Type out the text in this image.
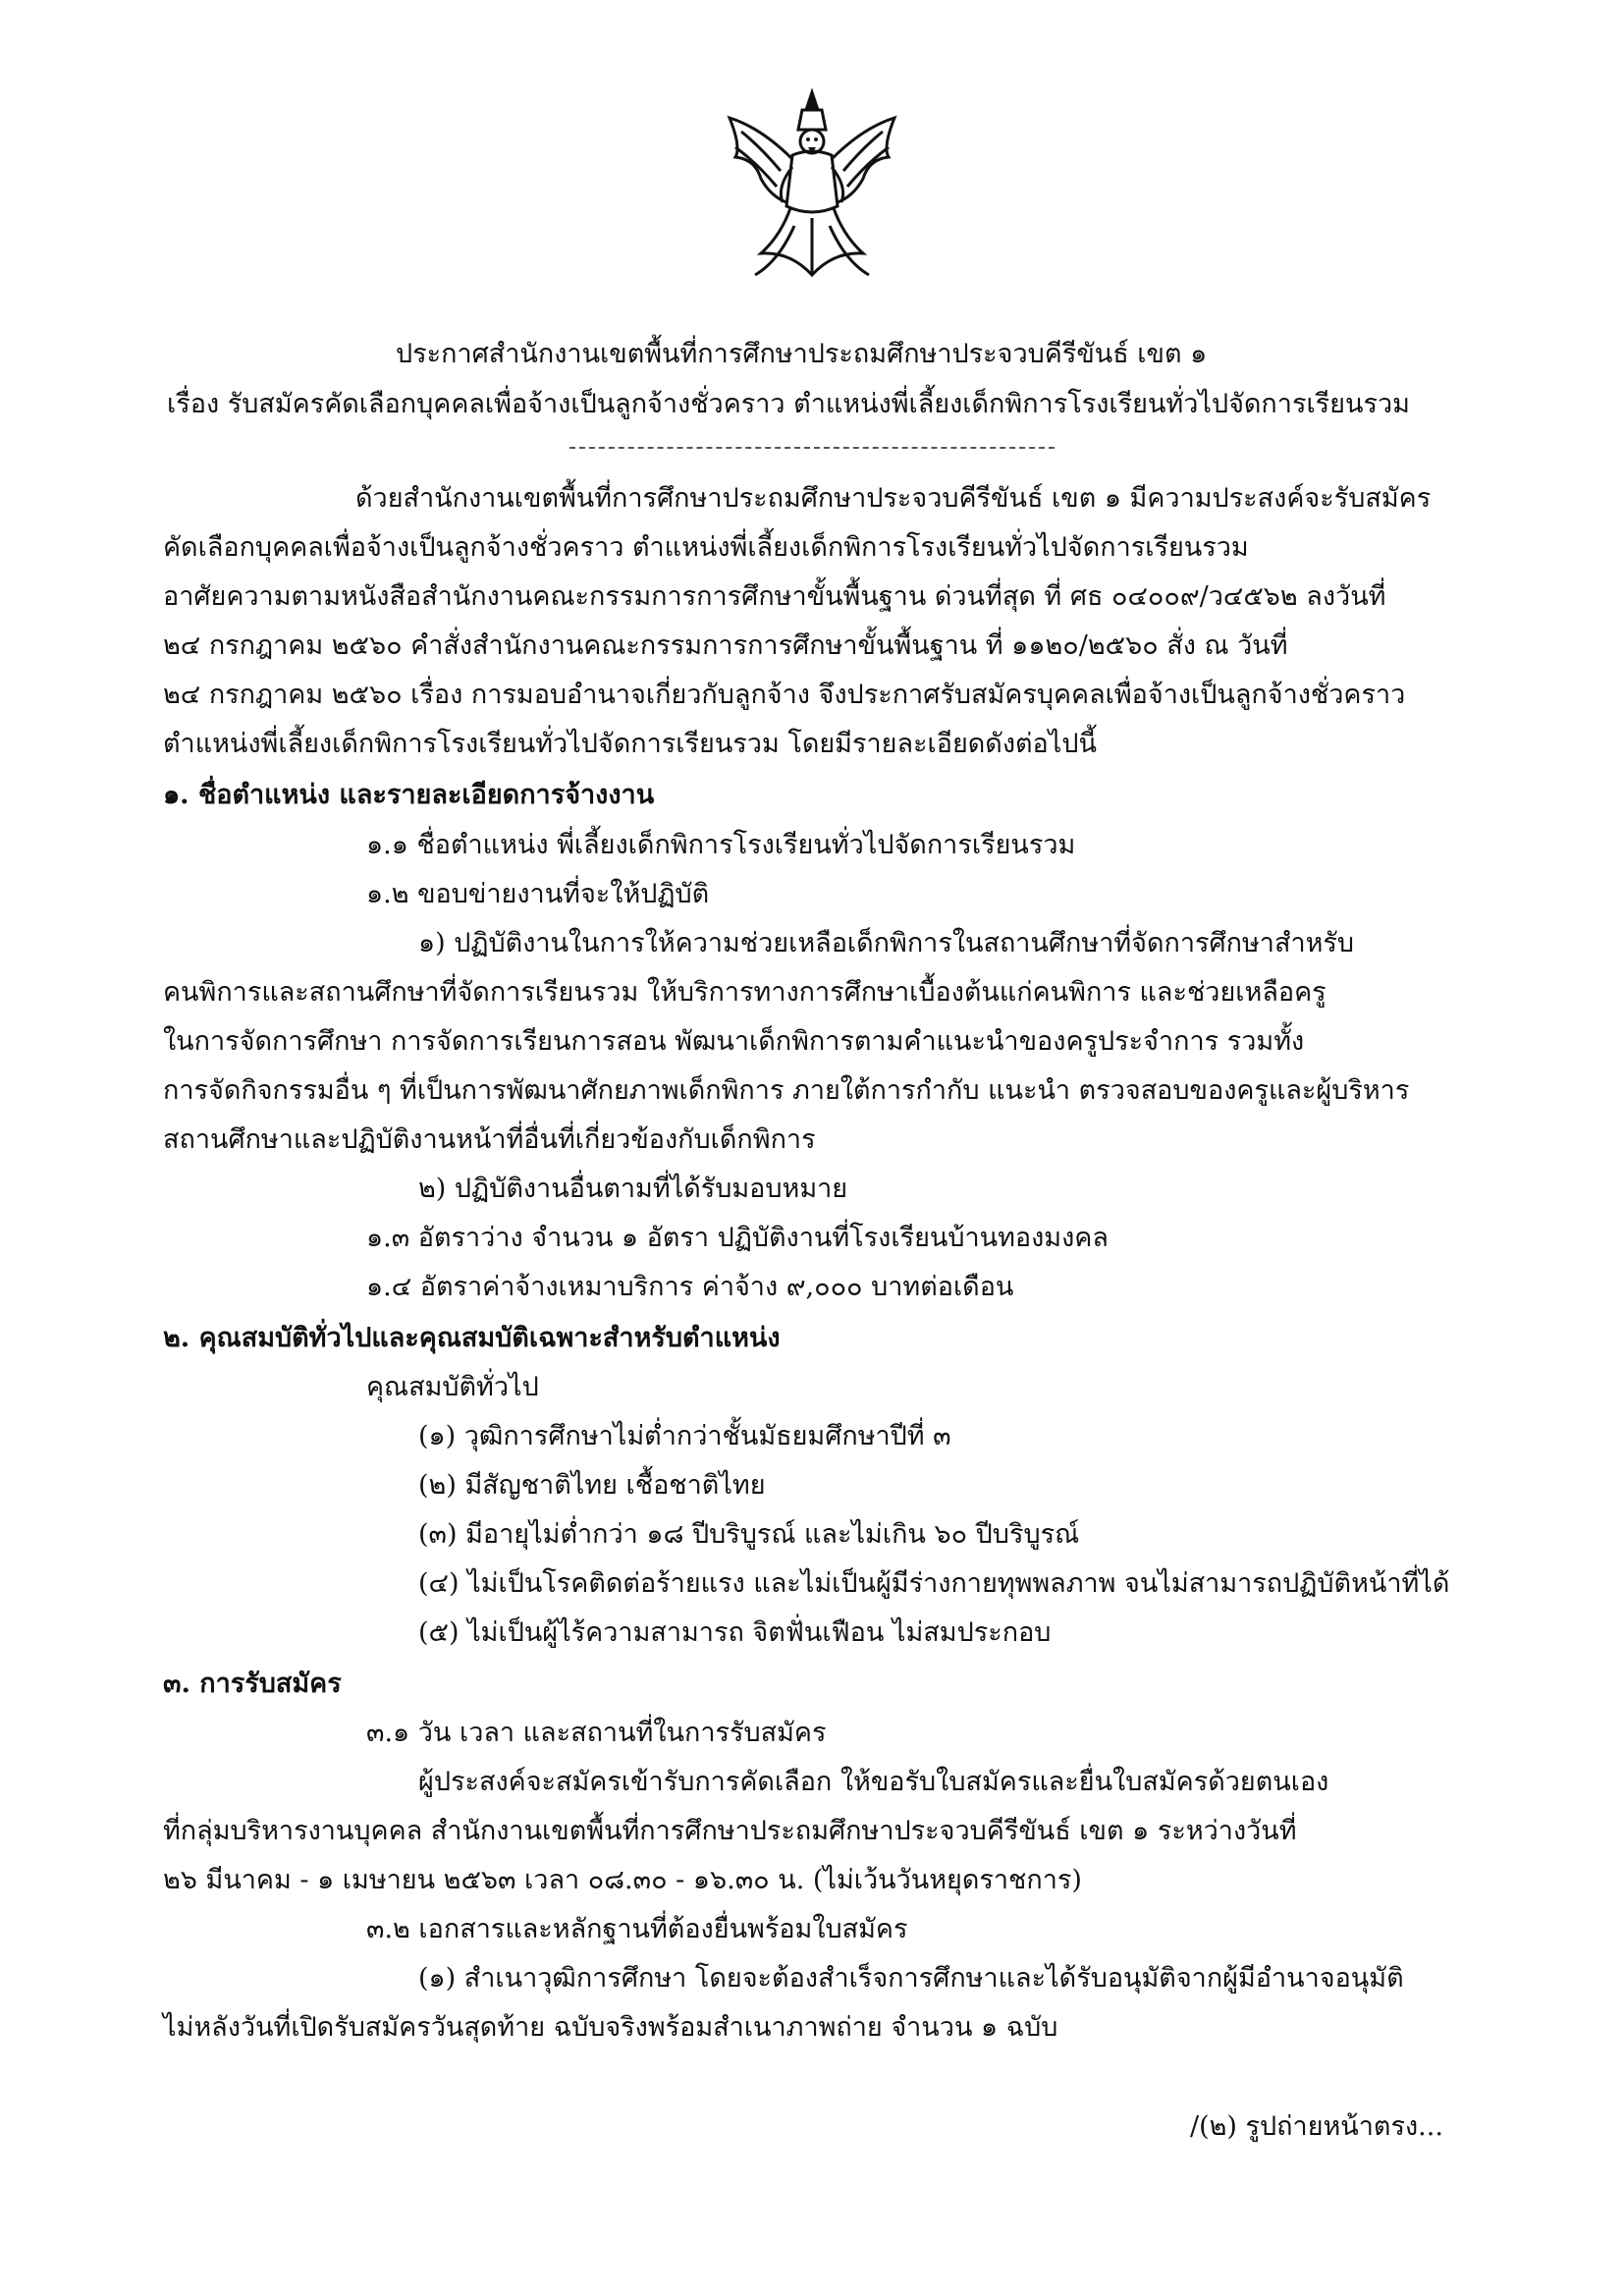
ประกาศสำนักงานเขตพื้นที่การศึกษาประถมศึกษาประจวบคีรีขันธ์ เขต ๑

เรื่อง รับสมัครคัดเลือกบุคคลเพื่อจ้างเป็นลูกจ้างชั่วคราว ตำแหน่งพี่เลี้ยงเด็กพิการโรงเรียนทั่วไปจัดการเรียนรวม

ด้วยสำนักงานเขตพื้นที่การศึกษาประถมศึกษาประจวบคีรีขันธ์ เขต ๑ มีความประสงค์จะรับสมัคร

คัดเลือกบุคคลเพื่อจ้างเป็นลูกจ้างชั่วคราว ตำแหน่งพี่เลี้ยงเด็กพิการโรงเรียนทั่วไปจัดการเรียนรวม

อาศัยความตามหนังสือสำนักงานคณะกรรมการการศึกษาขั้นพื้นฐาน ด่วนที่สุด ที่ ศธ ๐๔๐๐๙/ว๔๕๖๒ ลงวันที่

๒๔ กรกฎาคม ๒๕๖๐ คำสั่งสำนักงานคณะกรรมการการศึกษาขั้นพื้นฐาน ที่ ๑๑๒๐/๒๕๖๐ สั่ง ณ วันที่

๒๔ กรกฎาคม ๒๕๖๐ เรื่อง การมอบอำนาจเกี่ยวกับลูกจ้าง จึงประกาศรับสมัครบุคคลเพื่อจ้างเป็นลูกจ้างชั่วคราว

ตำแหน่งพี่เลี้ยงเด็กพิการโรงเรียนทั่วไปจัดการเรียนรวม โดยมีรายละเอียดดังต่อไปนี้

๑. ชื่อตำแหน่ง และรายละเอียดการจ้างงาน

๑.๑ ชื่อตำแหน่ง พี่เลี้ยงเด็กพิการโรงเรียนทั่วไปจัดการเรียนรวม

๑.๒ ขอบข่ายงานที่จะให้ปฏิบัติ

๑) ปฏิบัติงานในการให้ความช่วยเหลือเด็กพิการในสถานศึกษาที่จัดการศึกษาสำหรับ

คนพิการและสถานศึกษาที่จัดการเรียนรวม ให้บริการทางการศึกษาเบื้องต้นแก่คนพิการ และช่วยเหลือครู

ในการจัดการศึกษา การจัดการเรียนการสอน พัฒนาเด็กพิการตามคำแนะนำของครูประจำการ รวมทั้ง

การจัดกิจกรรมอื่น ๆ ที่เป็นการพัฒนาศักยภาพเด็กพิการ ภายใต้การกำกับ แนะนำ ตรวจสอบของครูและผู้บริหาร

สถานศึกษาและปฏิบัติงานหน้าที่อื่นที่เกี่ยวข้องกับเด็กพิการ

๒) ปฏิบัติงานอื่นตามที่ได้รับมอบหมาย

๑.๓ อัตราว่าง จำนวน ๑ อัตรา ปฏิบัติงานที่โรงเรียนบ้านทองมงคล

๑.๔ อัตราค่าจ้างเหมาบริการ ค่าจ้าง ๙,๐๐๐ บาทต่อเดือน

๒. คุณสมบัติทั่วไปและคุณสมบัติเฉพาะสำหรับตำแหน่ง

คุณสมบัติทั่วไป

(๑) วุฒิการศึกษาไม่ต่ำกว่าชั้นมัธยมศึกษาปีที่ ๓

(๒) มีสัญชาติไทย เชื้อชาติไทย

(๓) มีอายุไม่ต่ำกว่า ๑๘ ปีบริบูรณ์ และไม่เกิน ๖๐ ปีบริบูรณ์

(๔) ไม่เป็นโรคติดต่อร้ายแรง และไม่เป็นผู้มีร่างกายทุพพลภาพ จนไม่สามารถปฏิบัติหน้าที่ได้

(๕) ไม่เป็นผู้ไร้ความสามารถ จิตฟั่นเฟือน ไม่สมประกอบ

๓. การรับสมัคร

๓.๑ วัน เวลา และสถานที่ในการรับสมัคร

ผู้ประสงค์จะสมัครเข้ารับการคัดเลือก ให้ขอรับใบสมัครและยื่นใบสมัครด้วยตนเอง

ที่กลุ่มบริหารงานบุคคล สำนักงานเขตพื้นที่การศึกษาประถมศึกษาประจวบคีรีขันธ์ เขต ๑ ระหว่างวันที่

๒๖ มีนาคม - ๑ เมษายน ๒๕๖๓ เวลา ๐๘.๓๐ - ๑๖.๓๐ น. (ไม่เว้นวันหยุดราชการ)

๓.๒ เอกสารและหลักฐานที่ต้องยื่นพร้อมใบสมัคร

(๑) สำเนาวุฒิการศึกษา โดยจะต้องสำเร็จการศึกษาและได้รับอนุมัติจากผู้มีอำนาจอนุมัติ

ไม่หลังวันที่เปิดรับสมัครวันสุดท้าย ฉบับจริงพร้อมสำเนาภาพถ่าย จำนวน ๑ ฉบับ

/(๒) รูปถ่ายหน้าตรง...
